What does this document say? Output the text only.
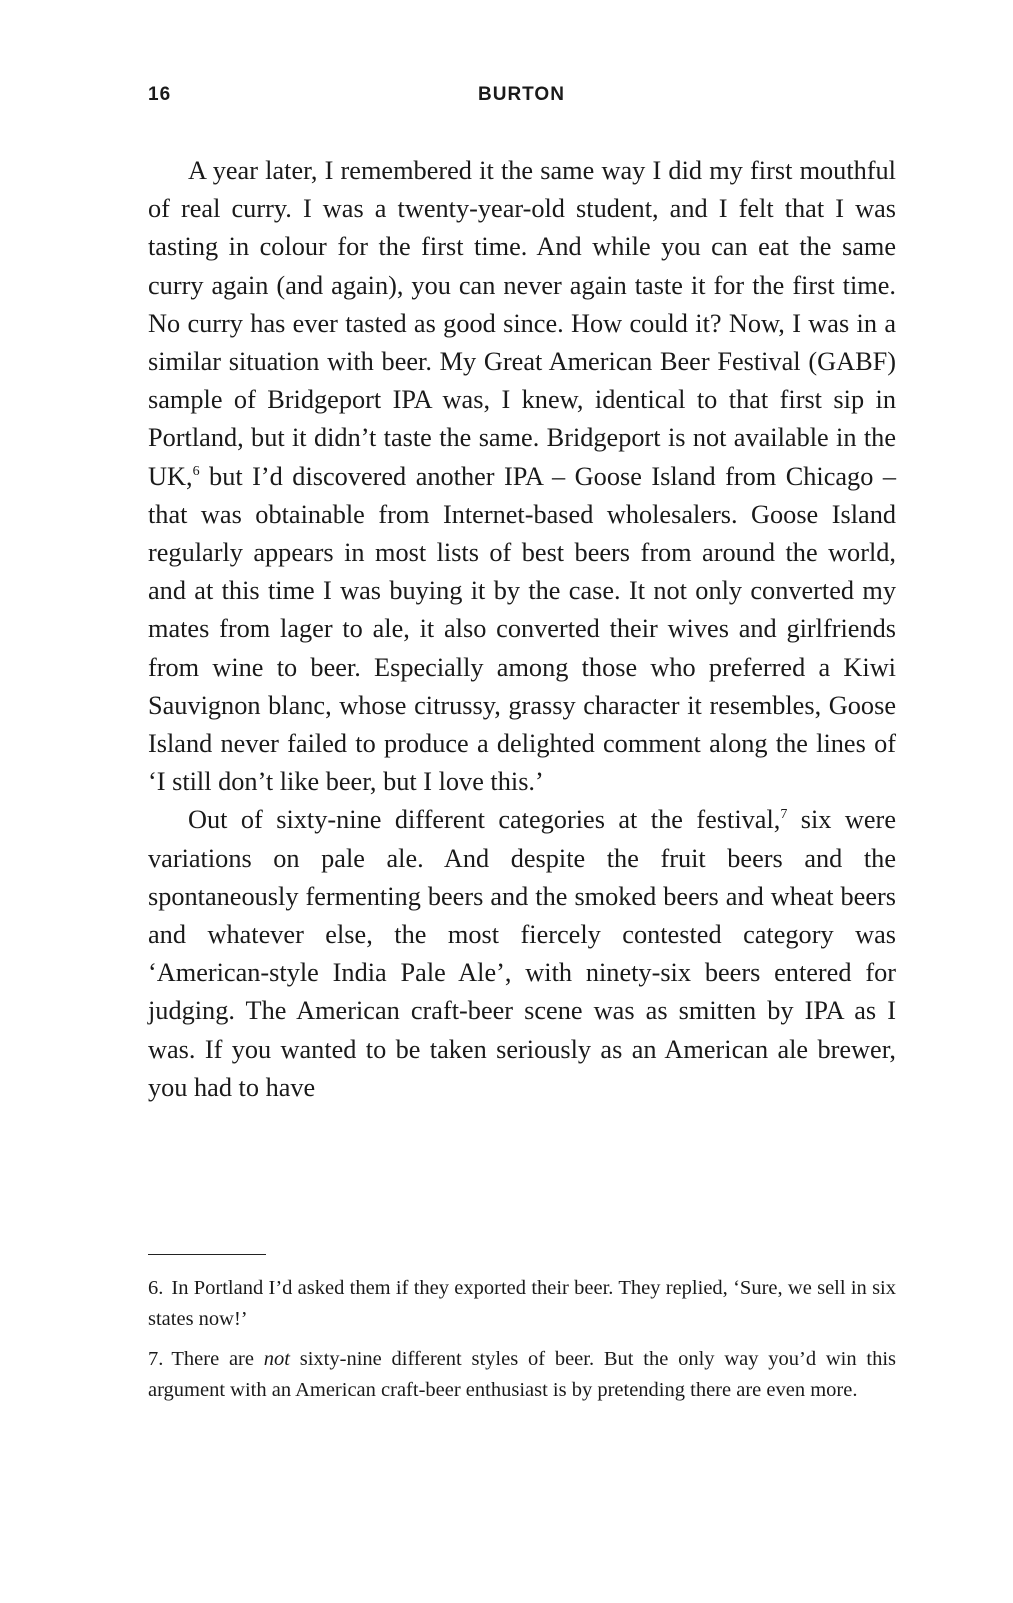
16	BURTON

A year later, I remembered it the same way I did my first mouthful of real curry. I was a twenty-year-old student, and I felt that I was tasting in colour for the first time. And while you can eat the same curry again (and again), you can never again taste it for the first time. No curry has ever tasted as good since. How could it? Now, I was in a similar situation with beer. My Great American Beer Festival (GABF) sample of Bridgeport IPA was, I knew, identical to that first sip in Portland, but it didn’t taste the same. Bridgeport is not available in the UK,$^6$ but I’d discovered another IPA – Goose Island from Chicago – that was obtainable from Internet-based wholesalers. Goose Island regularly appears in most lists of best beers from around the world, and at this time I was buying it by the case. It not only converted my mates from lager to ale, it also converted their wives and girlfriends from wine to beer. Especially among those who preferred a Kiwi Sauvignon blanc, whose citrussy, grassy character it resembles, Goose Island never failed to produce a delighted comment along the lines of ‘I still don’t like beer, but I love this.’

Out of sixty-nine different categories at the festival,$^7$ six were variations on pale ale. And despite the fruit beers and the spontaneously fermenting beers and the smoked beers and wheat beers and whatever else, the most fiercely contested category was ‘American-style India Pale Ale’, with ninety-six beers entered for judging. The American craft-beer scene was as smitten by IPA as I was. If you wanted to be taken seriously as an American ale brewer, you had to have

6. In Portland I’d asked them if they exported their beer. They replied, ‘Sure, we sell in six states now!’

7. There are not sixty-nine different styles of beer. But the only way you’d win this argument with an American craft-beer enthusiast is by pretending there are even more.
